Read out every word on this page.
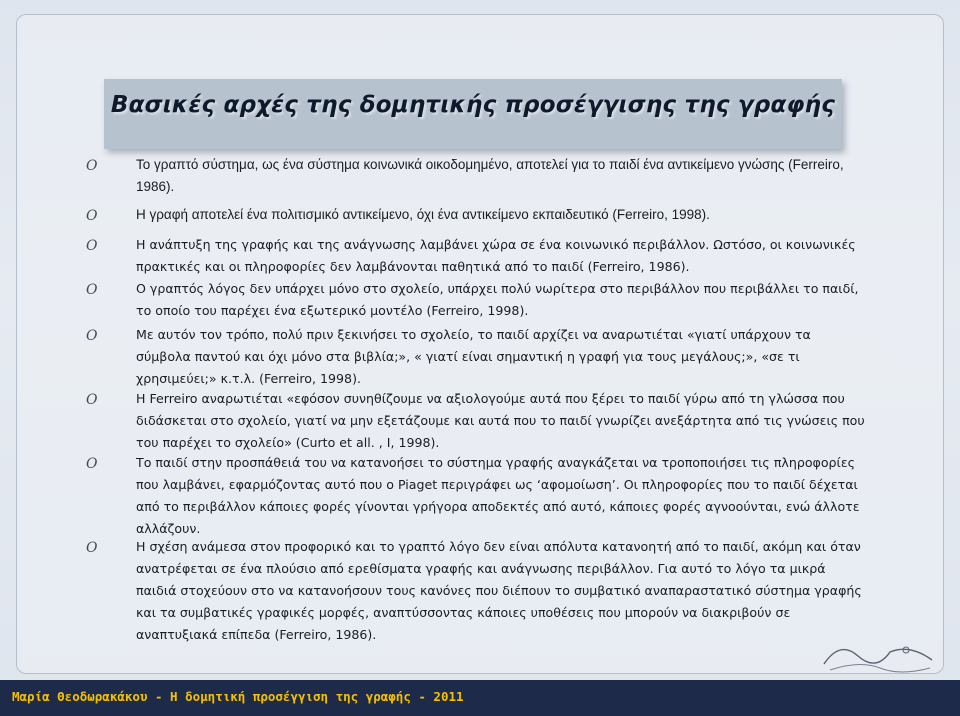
Βασικές αρχές της δομητικής προσέγγισης της γραφής
O	Το γραπτό σύστημα, ως ένα σύστημα κοινωνικά οικοδομημένο, αποτελεί για το παιδί ένα αντικείμενο γνώσης (Ferreiro, 1986).
O	Η γραφή αποτελεί ένα πολιτισμικό αντικείμενο, όχι ένα αντικείμενο εκπαιδευτικό (Ferreiro, 1998).
O	Η ανάπτυξη της γραφής και της ανάγνωσης λαμβάνει χώρα σε ένα κοινωνικό περιβάλλον. Ωστόσο, οι κοινωνικές πρακτικές και οι πληροφορίες δεν λαμβάνονται παθητικά από το παιδί (Ferreiro, 1986).
O	Ο γραπτός λόγος δεν υπάρχει μόνο στο σχολείο, υπάρχει πολύ νωρίτερα στο περιβάλλον που περιβάλλει το παιδί, το οποίο του παρέχει ένα εξωτερικό μοντέλο (Ferreiro, 1998).
O	Με αυτόν τον τρόπο, πολύ πριν ξεκινήσει το σχολείο, το παιδί αρχίζει να αναρωτιέται «γιατί υπάρχουν τα σύμβολα παντού και όχι μόνο στα βιβλία;», « γιατί είναι σημαντική η γραφή για τους μεγάλους;», «σε τι χρησιμεύει;» κ.τ.λ. (Ferreiro, 1998).
O	Η Ferreiro αναρωτιέται «εφόσον συνηθίζουμε να αξιολογούμε αυτά που ξέρει το παιδί γύρω από τη γλώσσα που διδάσκεται στο σχολείο, γιατί να μην εξετάζουμε και αυτά που το παιδί γνωρίζει ανεξάρτητα από τις γνώσεις που του παρέχει το σχολείο» (Curto et all. , I, 1998).
O	Το παιδί στην προσπάθειά του να κατανοήσει το σύστημα γραφής αναγκάζεται να τροποποιήσει τις πληροφορίες που λαμβάνει, εφαρμόζοντας αυτό που ο Piaget περιγράφει ως ‘αφομοίωση’. Οι πληροφορίες που το παιδί δέχεται από το περιβάλλον κάποιες φορές γίνονται γρήγορα αποδεκτές από αυτό, κάποιες φορές αγνοούνται, ενώ άλλοτε αλλάζουν.
O	Η σχέση ανάμεσα στον προφορικό και το γραπτό λόγο δεν είναι απόλυτα κατανοητή από το παιδί, ακόμη και όταν ανατρέφεται σε ένα πλούσιο από ερεθίσματα γραφής και ανάγνωσης περιβάλλον. Για αυτό το λόγο τα μικρά παιδιά στοχεύουν στο να κατανοήσουν τους κανόνες που διέπουν το συμβατικό αναπαραστατικό σύστημα γραφής και τα συμβατικές γραφικές μορφές, αναπτύσσοντας κάποιες υποθέσεις που μπορούν να διακριβούν σε αναπτυξιακά επίπεδα (Ferreiro, 1986).
Μαρία Θεοδωρακάκου - Η δομητική προσέγγιση της γραφής - 2011
